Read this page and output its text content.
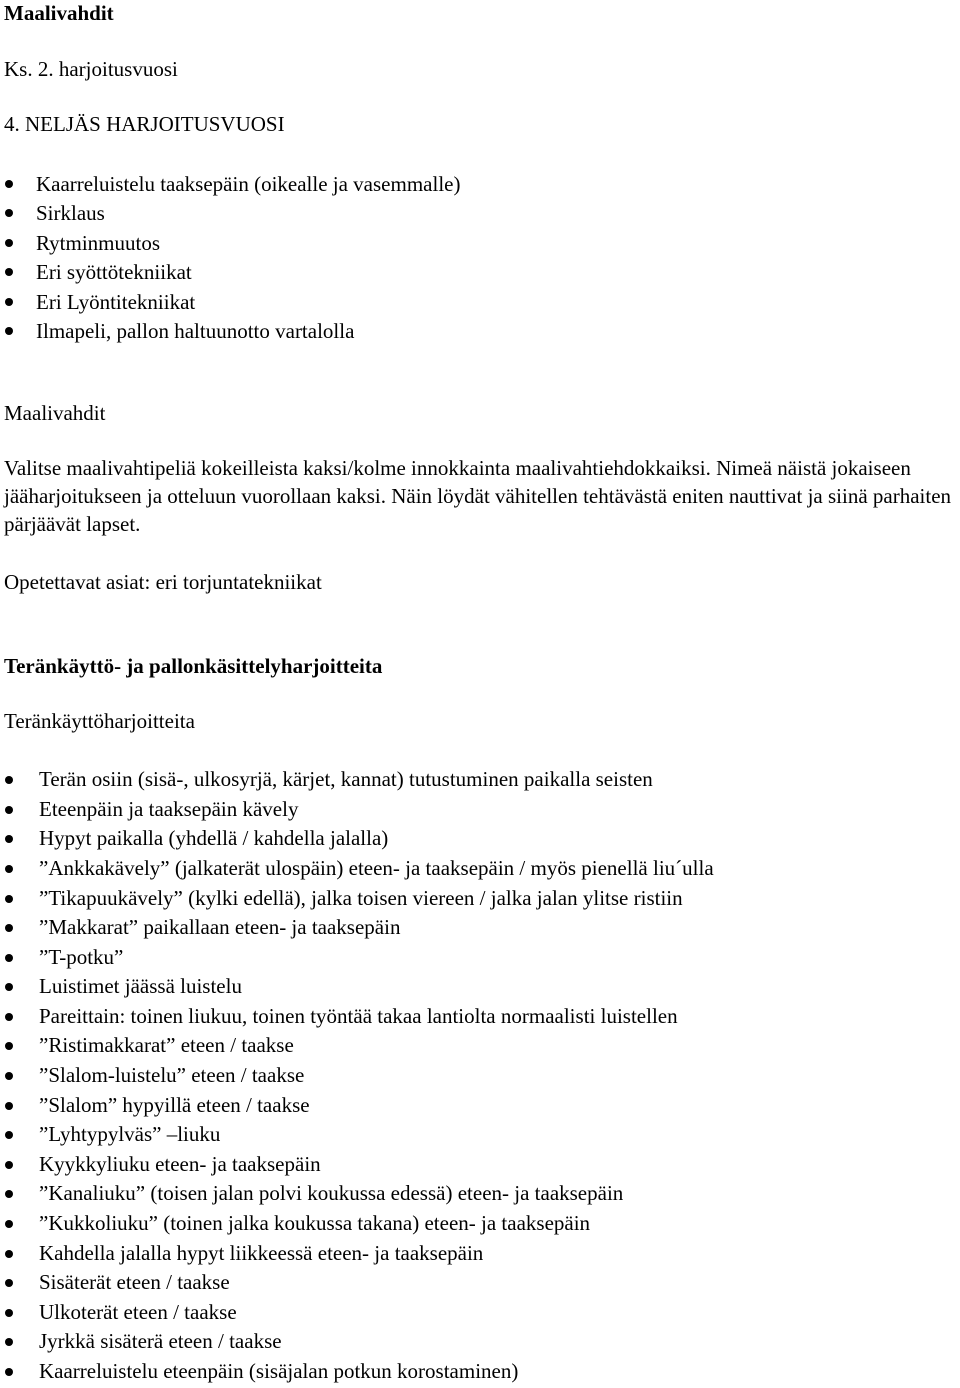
Maalivahdit
Ks. 2. harjoitusvuosi
4. NELJÄS HARJOITUSVUOSI
Kaarreluistelu taaksepäin (oikealle ja vasemmalle)
Sirklaus
Rytminmuutos
Eri syöttötekniikat
Eri Lyöntitekniikat
Ilmapeli, pallon haltuunotto vartalolla
Maalivahdit
Valitse maalivahtipeliä kokeilleista kaksi/kolme innokkainta maalivahtiehdokkaiksi. Nimeä näistä jokaiseen jääharjoitukseen ja otteluun vuorollaan kaksi. Näin löydät vähitellen tehtävästä eniten nauttivat ja siinä parhaiten pärjäävät lapset.
Opetettavat asiat: eri torjuntatekniikat
Teränkäyttö- ja pallonkäsittelyharjoitteita
Teränkäyttöharjoitteita
Terän osiin (sisä-, ulkosyrjä, kärjet, kannat) tutustuminen paikalla seisten
Eteenpäin ja taaksepäin kävely
Hypyt paikalla (yhdellä / kahdella jalalla)
”Ankkakävely” (jalkaterät ulospäin) eteen- ja taaksepäin / myös pienellä liu´ulla
”Tikapuukävely” (kylki edellä), jalka toisen viereen / jalka jalan ylitse ristiin
”Makkarat” paikallaan eteen- ja taaksepäin
”T-potku”
Luistimet jäässä luistelu
Pareittain: toinen liukuu, toinen työntää takaa lantiolta normaalisti luistellen
”Ristimakkarat” eteen / taakse
”Slalom-luistelu” eteen / taakse
”Slalom” hypyillä eteen / taakse
”Lyhtypylväs” –liuku
Kyykkyliuku eteen- ja taaksepäin
”Kanaliuku” (toisen jalan polvi koukussa edessä) eteen- ja taaksepäin
”Kukkoliuku” (toinen jalka koukussa takana) eteen- ja taaksepäin
Kahdella jalalla hypyt liikkeessä eteen- ja taaksepäin
Sisäterät eteen / taakse
Ulkoterät eteen / taakse
Jyrkkä sisäterä eteen / taakse
Kaarreluistelu eteenpäin (sisäjalan potkun korostaminen)
